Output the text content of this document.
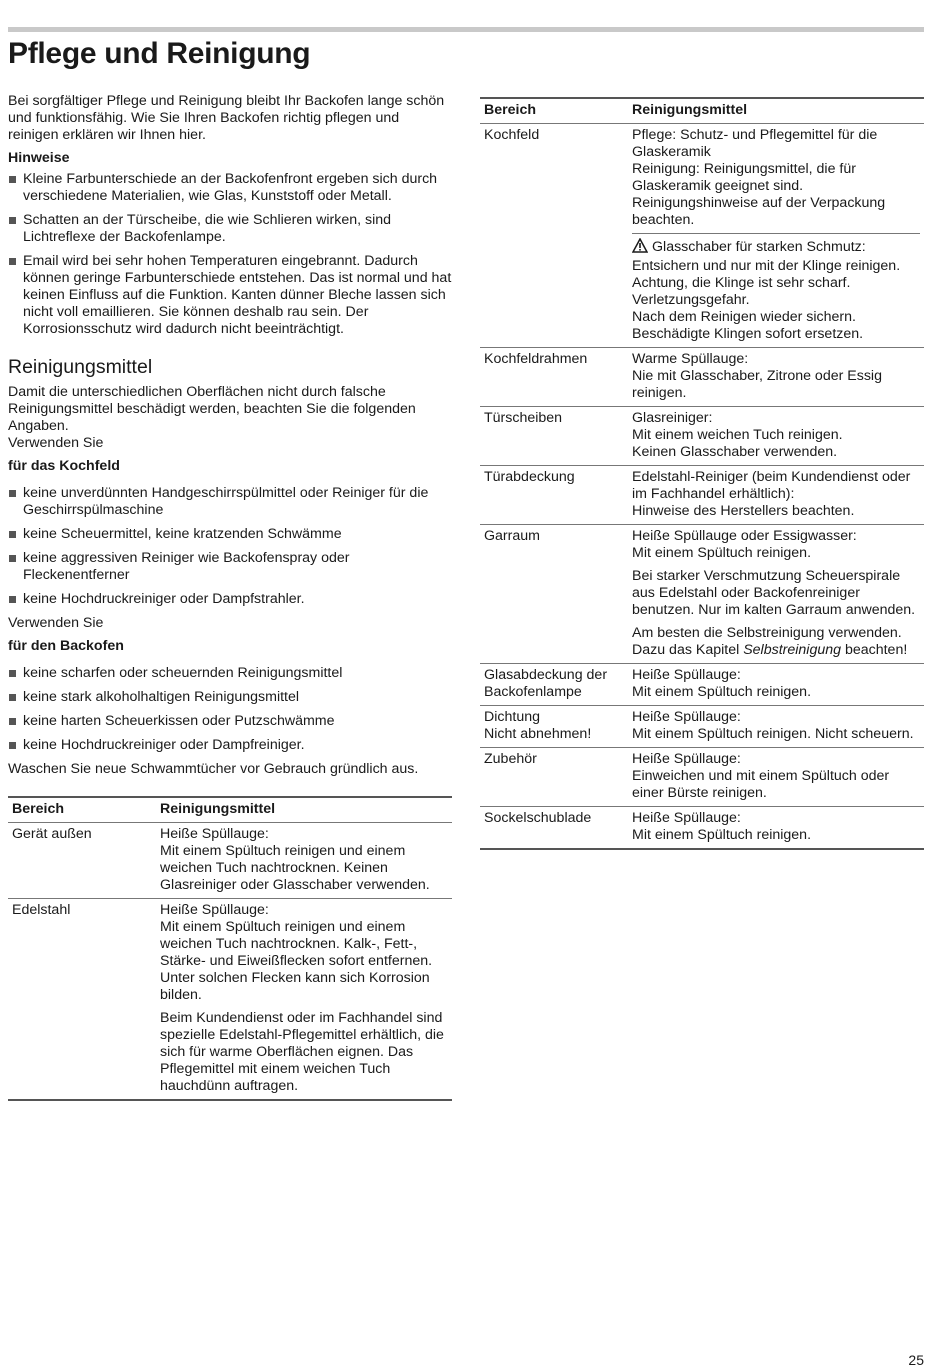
Pflege und Reinigung

Bei sorgfältiger Pflege und Reinigung bleibt Ihr Backofen lange schön und funktionsfähig. Wie Sie Ihren Backofen richtig pflegen und reinigen erklären wir Ihnen hier.

Hinweise

Kleine Farbunterschiede an der Backofenfront ergeben sich durch verschiedene Materialien, wie Glas, Kunststoff oder Metall.
Schatten an der Türscheibe, die wie Schlieren wirken, sind Lichtreflexe der Backofenlampe.
Email wird bei sehr hohen Temperaturen eingebrannt. Dadurch können geringe Farbunterschiede entstehen. Das ist normal und hat keinen Einfluss auf die Funktion. Kanten dünner Bleche lassen sich nicht voll emaillieren. Sie können deshalb rau sein. Der Korrosionsschutz wird dadurch nicht beeinträchtigt.
Reinigungsmittel

Damit die unterschiedlichen Oberflächen nicht durch falsche Reinigungsmittel beschädigt werden, beachten Sie die folgenden Angaben.

Verwenden Sie

für das Kochfeld

keine unverdünnten Handgeschirrspülmittel oder Reiniger für die Geschirrspülmaschine
keine Scheuermittel, keine kratzenden Schwämme
keine aggressiven Reiniger wie Backofenspray oder Fleckenentferner
keine Hochdruckreiniger oder Dampfstrahler.

Verwenden Sie

für den Backofen

keine scharfen oder scheuernden Reinigungsmittel
keine stark alkoholhaltigen Reinigungsmittel
keine harten Scheuerkissen oder Putzschwämme
keine Hochdruckreiniger oder Dampfreiniger.

Waschen Sie neue Schwammtücher vor Gebrauch gründlich aus.

Bereich	Reinigungsmittel
Gerät außen	Heiße Spüllauge:
Mit einem Spültuch reinigen und einem weichen Tuch nachtrocknen. Keinen Glasreiniger oder Glasschaber verwenden.

Edelstahl	Heiße Spüllauge:
Mit einem Spültuch reinigen und einem weichen Tuch nachtrocknen. Kalk-, Fett-, Stärke- und Eiweißflecken sofort entfernen. Unter solchen Flecken kann sich Korrosion bilden.

Beim Kundendienst oder im Fachhandel sind spezielle Edelstahl-Pflegemittel erhältlich, die sich für warme Oberflächen eignen. Das Pflegemittel mit einem weichen Tuch hauchdünn auftragen.

Bereich	Reinigungsmittel
Kochfeld	Pflege: Schutz- und Pflegemittel für die Glaskeramik
Reinigung: Reinigungsmittel, die für Glaskeramik geeignet sind.
Reinigungshinweise auf der Verpackung beachten.

Glasschaber für starken Schmutz: Entsichern und nur mit der Klinge reinigen. Achtung, die Klinge ist sehr scharf. Verletzungsgefahr.
Nach dem Reinigen wieder sichern. Beschädigte Klingen sofort ersetzen.

Kochfeldrahmen	Warme Spüllauge:
Nie mit Glasschaber, Zitrone oder Essig reinigen.

Türscheiben	Glasreiniger:
Mit einem weichen Tuch reinigen.
Keinen Glasschaber verwenden.

Türabdeckung	Edelstahl-Reiniger (beim Kundendienst oder im Fachhandel erhältlich):
Hinweise des Herstellers beachten.

Garraum	Heiße Spüllauge oder Essigwasser:
Mit einem Spültuch reinigen.

Bei starker Verschmutzung Scheuerspirale aus Edelstahl oder Backofenreiniger benutzen. Nur im kalten Garraum anwenden.

Am besten die Selbstreinigung verwenden. Dazu das Kapitel Selbstreinigung beachten!

Glasabdeckung der Backofenlampe	Heiße Spüllauge:
Mit einem Spültuch reinigen.

Dichtung
Nicht abnehmen!	Heiße Spüllauge:
Mit einem Spültuch reinigen. Nicht scheuern.

Zubehör	Heiße Spüllauge:
Einweichen und mit einem Spültuch oder einer Bürste reinigen.

Sockelschublade	Heiße Spüllauge:
Mit einem Spültuch reinigen.

25
